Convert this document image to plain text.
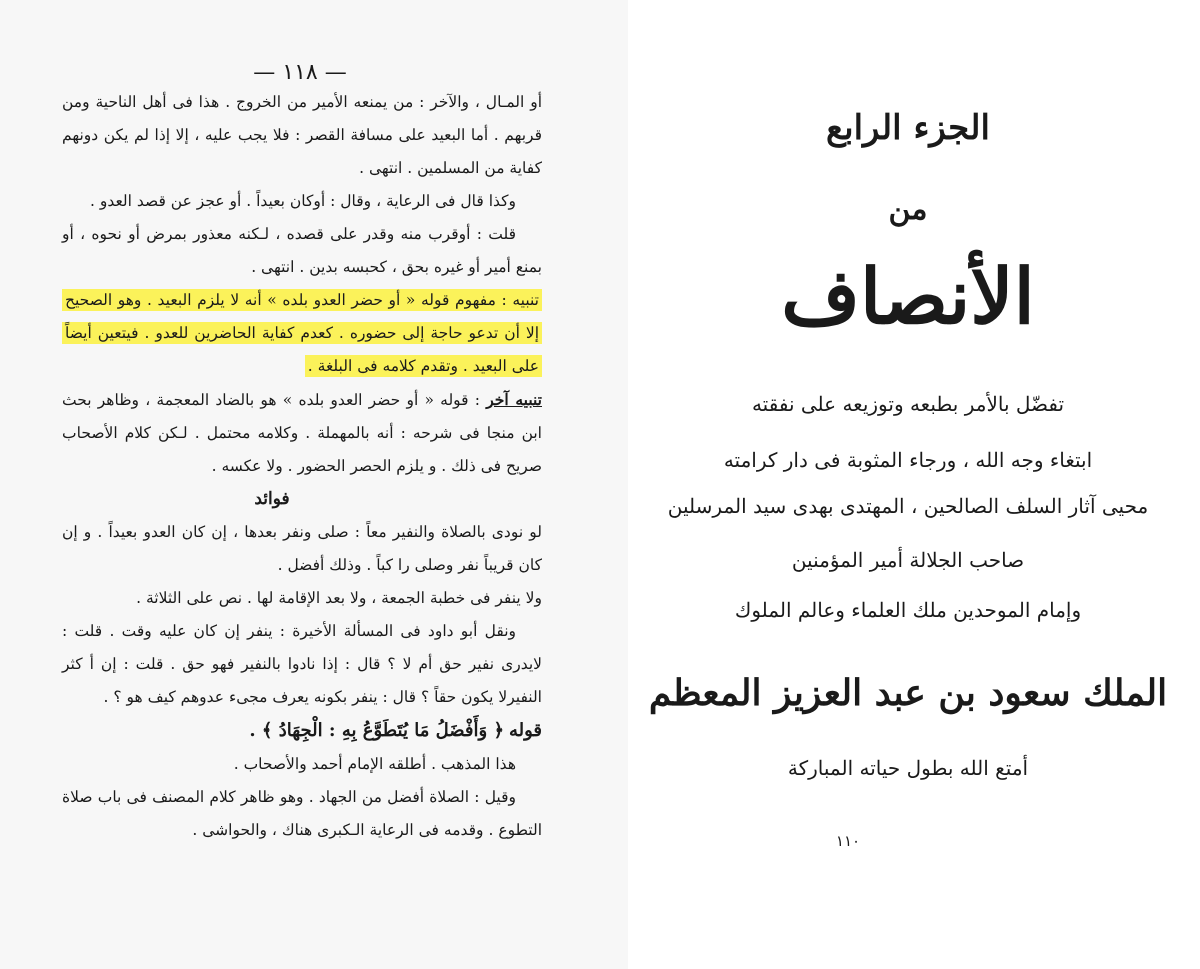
— ١١٨ —

أو المـال ، والآخر : من يمنعه الأمير من الخروج . هذا فى أهل الناحية ومن قربهم . أما البعيد على مسافة القصر : فلا يجب عليه ، إلا إذا لم يكن دونهم كفاية من المسلمين . انتهى .

وكذا قال فى الرعاية ، وقال : أوكان بعيداً . أو عجز عن قصد العدو .

قلت : أوقرب منه وقدر على قصده ، لـكنه معذور بمرض أو نحوه ، أو بمنع أمير أو غيره بحق ، كحبسه بدين . انتهى .

تنبيه : مفهوم قوله « أو حضر العدو بلده » أنه لا يلزم البعيد . وهو الصحيح إلا أن تدعو حاجة إلى حضوره . كعدم كفاية الحاضرين للعدو . فيتعين أيضاً على البعيد . وتقدم كلامه فى البلغة .

تنبيه آخر : قوله « أو حضر العدو بلده » هو بالضاد المعجمة ، وظاهر بحث ابن منجا فى شرحه : أنه بالمهملة . وكلامه محتمل . لـكن كلام الأصحاب صريح فى ذلك . و يلزم الحصر الحضور . ولا عكسه .

فوائد

لو نودى بالصلاة والنفير معاً : صلى ونفر بعدها ، إن كان العدو بعيداً . و إن كان قريباً نفر وصلى را كباً . وذلك أفضل .

ولا ينفر فى خطبة الجمعة ، ولا بعد الإقامة لها . نص على الثلاثة .

ونقل أبو داود فى المسألة الأخيرة : ينفر إن كان عليه وقت . قلت : لايدرى نفير حق أم لا ؟ قال : إذا نادوا بالنفير فهو حق . قلت : إن أ كثر النفيرلا يكون حقاً ؟ قال : ينفر بكونه يعرف مجىء عدوهم كيف هو ؟ .

قوله ﴿ وَأَفْضَلُ مَا يُتَطَوَّعُ بِهِ : الْجِهَادُ ﴾ .

هذا المذهب . أطلقه الإمام أحمد والأصحاب .

وقيل : الصلاة أفضل من الجهاد . وهو ظاهر كلام المصنف فى باب صلاة التطوع . وقدمه فى الرعاية الـكبرى هناك ، والحواشى .

الجزء الرابع
من
الأنصاف
تفضّل بالأمر بطبعه وتوزيعه على نفقته
ابتغاء وجه الله ، ورجاء المثوبة فى دار كرامته
محيى آثار السلف الصالحين ، المهتدى بهدى سيد المرسلين
صاحب الجلالة أمير المؤمنين
وإمام الموحدين ملك العلماء وعالم الملوك
الملك سعود بن عبد العزيز المعظم
أمتع الله بطول حياته المباركة
١١٠
